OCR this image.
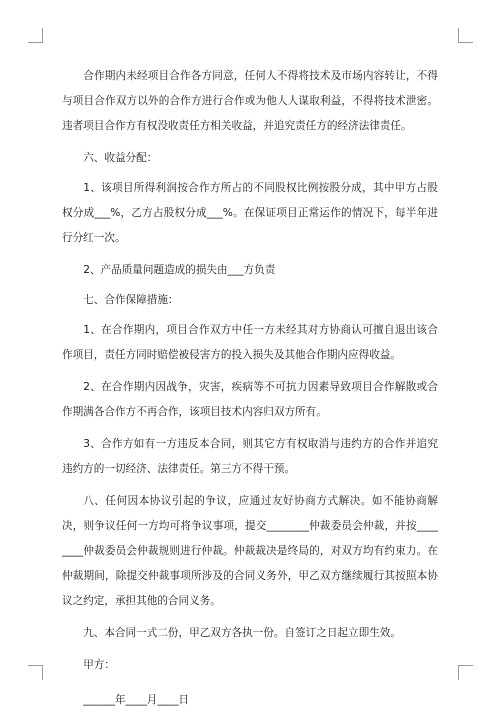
合作期内未经项目合作各方同意，任何人不得将技术及市场内容转让，不得与项目合作双方以外的合作方进行合作或为他人人谋取利益，不得将技术泄密。违者项目合作方有权没收责任方相关收益，并追究责任方的经济法律责任。

六、收益分配：

1、该项目所得利润按合作方所占的不同股权比例按股分成，其中甲方占股权分成___%，乙方占股权分成___%。在保证项目正常运作的情况下，每半年进行分红一次。

2、产品质量问题造成的损失由___方负责

七、合作保障措施：

1、在合作期内，项目合作双方中任一方未经其对方协商认可擅自退出该合作项目，责任方同时赔偿被侵害方的投入损失及其他合作期内应得收益。

2、在合作期内因战争，灾害，疾病等不可抗力因素导致项目合作解散或合作期满各合作方不再合作，该项目技术内容归双方所有。

3、合作方如有一方违反本合同，则其它方有权取消与违约方的合作并追究违约方的一切经济、法律责任。第三方不得干预。

八、任何因本协议引起的争议，应通过友好协商方式解决。如不能协商解决，则争议任何一方均可将争议事项，提交________仲裁委员会仲裁，并按________仲裁委员会仲裁规则进行仲裁。仲裁裁决是终局的，对双方均有约束力。在仲裁期间，除提交仲裁事项所涉及的合同义务外，甲乙双方继续履行其按照本协议之约定，承担其他的合同义务。

九、本合同一式二份，甲乙双方各执一份。自签订之日起立即生效。

甲方：

______年____月____日
